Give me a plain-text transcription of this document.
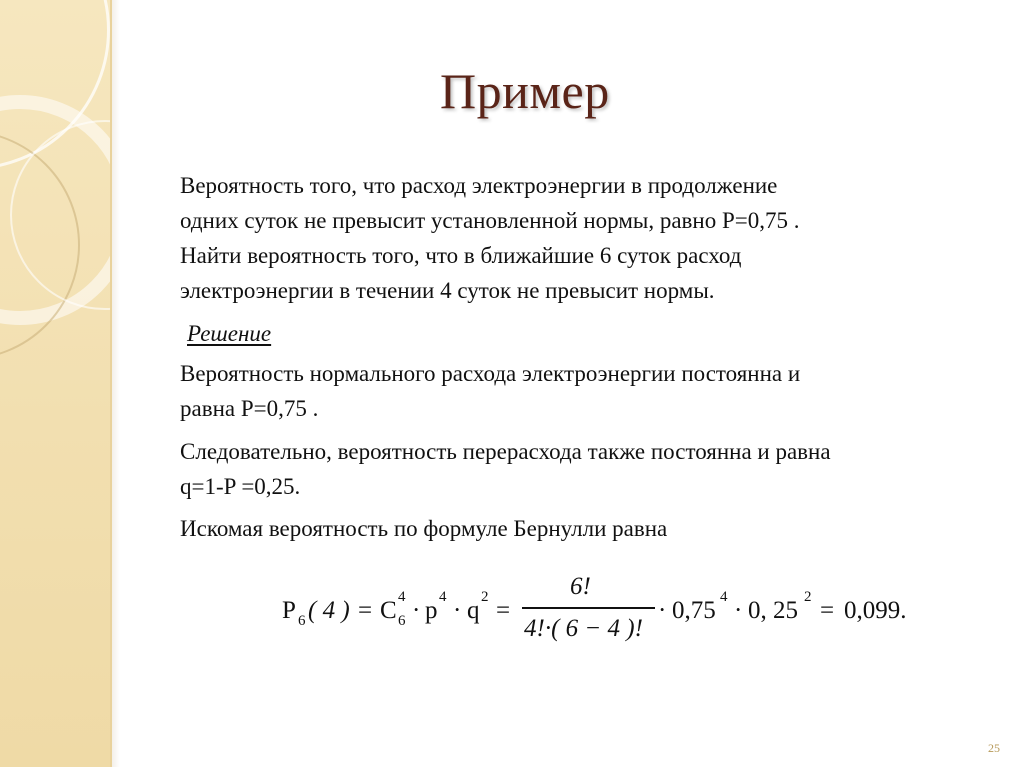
Пример
Вероятность того, что расход электроэнергии в продолжение
одних суток не превысит установленной нормы, равно P=0,75 .
Найти вероятность того, что в ближайшие 6 суток расход
электроэнергии в течении 4 суток не превысит нормы.
Решение
Вероятность нормального расхода электроэнергии постоянна и
равна P=0,75 .
Следовательно, вероятность перерасхода также постоянна и равна
q=1-P =0,25.
Искомая вероятность по формуле Бернулли равна
P 6 ( 4 ) = C 4
6 · p 4 · q 2 =
6!
4!·( 6 − 4 )!
· 0,75 4 · 0, 25 2 = 0,099.
25
